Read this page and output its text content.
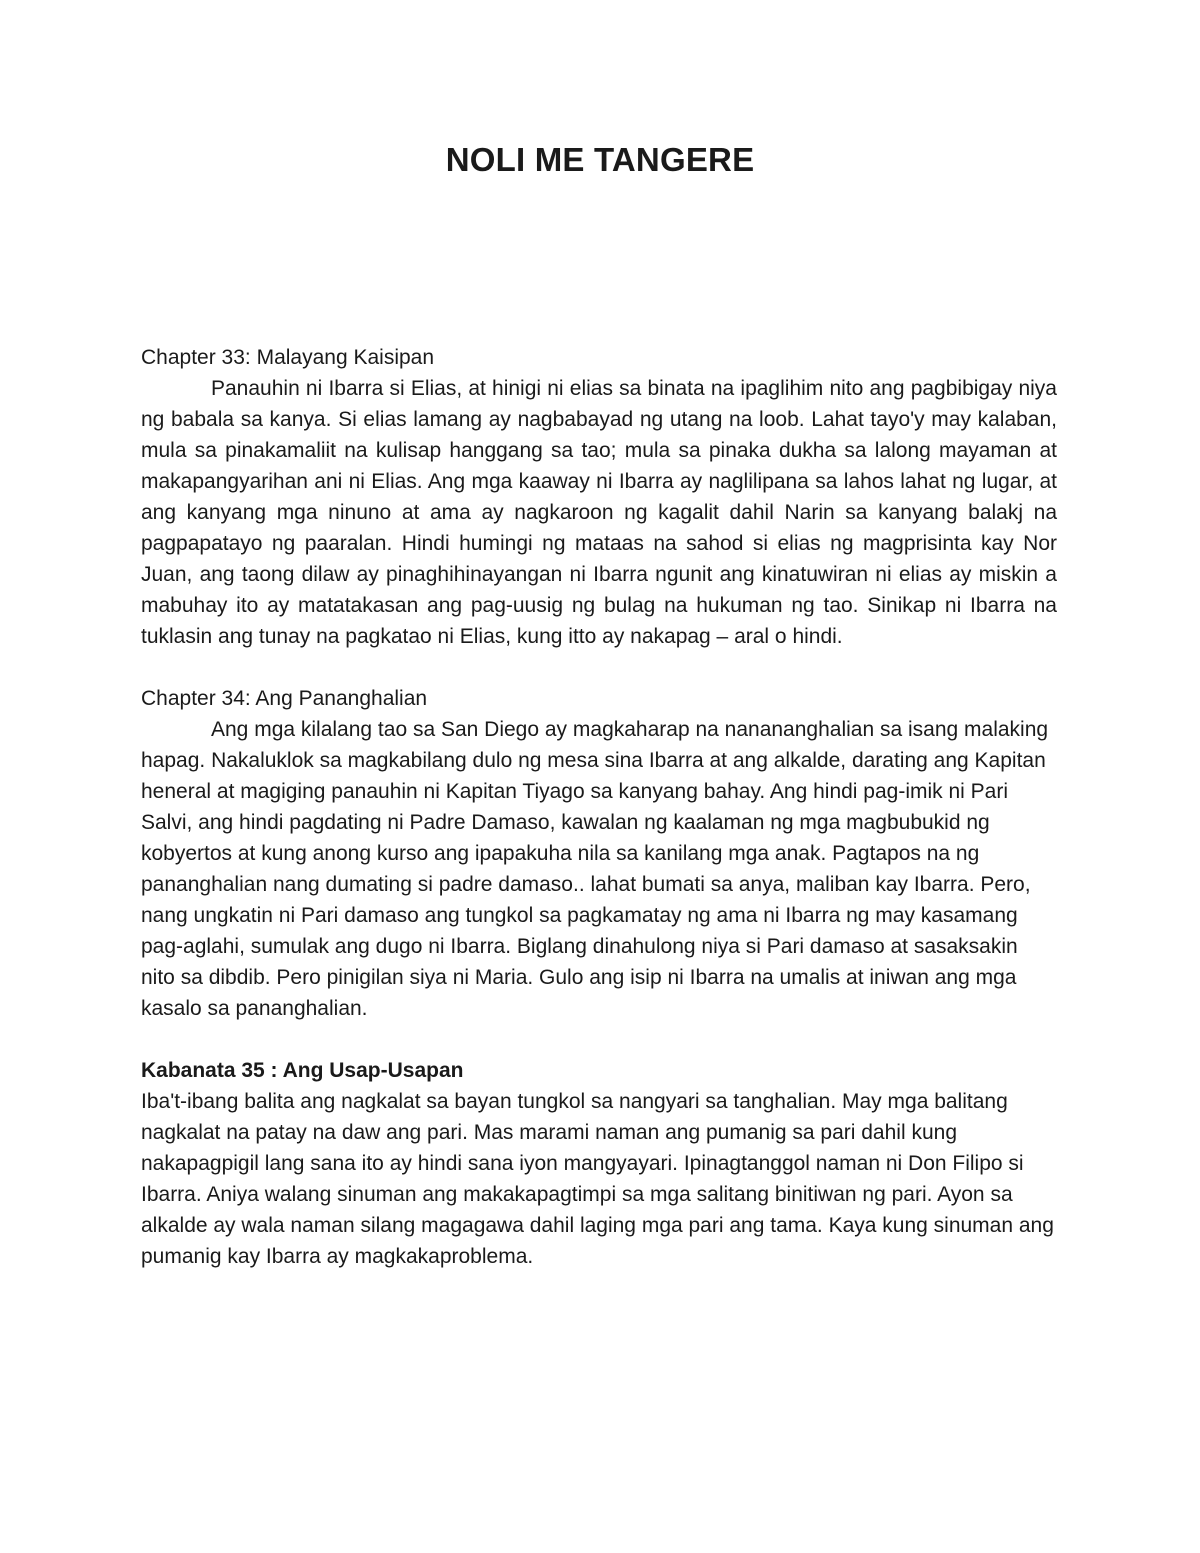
NOLI ME TANGERE
Chapter 33: Malayang Kaisipan

Panauhin ni Ibarra si Elias, at hinigi ni elias sa binata na ipaglihim nito ang pagbibigay niya ng babala sa kanya. Si elias lamang ay nagbabayad ng utang na loob. Lahat tayo'y may kalaban, mula sa pinakamaliit na kulisap hanggang sa tao; mula sa pinaka dukha sa lalong mayaman at makapangyarihan ani ni Elias. Ang mga kaaway ni Ibarra ay naglilipana sa lahos lahat ng lugar, at ang kanyang mga ninuno at ama ay nagkaroon ng kagalit dahil Narin sa kanyang balakj na pagpapatayo ng paaralan. Hindi humingi ng mataas na sahod si elias ng magprisinta kay Nor Juan, ang taong dilaw ay pinaghihinayangan ni Ibarra ngunit ang kinatuwiran ni elias ay miskin a mabuhay ito ay matatakasan ang pag-uusig ng bulag na hukuman ng tao. Sinikap ni Ibarra na tuklasin ang tunay na pagkatao ni Elias, kung itto ay nakapag – aral o hindi.

Chapter 34: Ang Pananghalian

Ang mga kilalang tao sa San Diego ay magkaharap na nanananghalian sa isang malaking hapag. Nakaluklok sa magkabilang dulo ng mesa sina Ibarra at ang alkalde, darating ang Kapitan heneral at magiging panauhin ni Kapitan Tiyago sa kanyang bahay. Ang hindi pag-imik ni Pari Salvi, ang hindi pagdating ni Padre Damaso, kawalan ng kaalaman ng mga magbubukid ng kobyertos at kung anong kurso ang ipapakuha nila sa kanilang mga anak. Pagtapos na ng pananghalian nang dumating si padre damaso.. lahat bumati sa anya, maliban kay Ibarra. Pero, nang ungkatin ni Pari damaso ang tungkol sa pagkamatay ng ama ni Ibarra ng may kasamang pag-aglahi, sumulak ang dugo ni Ibarra. Biglang dinahulong niya si Pari damaso at sasaksakin nito sa dibdib. Pero pinigilan siya ni Maria. Gulo ang isip ni Ibarra na umalis at iniwan ang mga kasalo sa pananghalian.

Kabanata 35 : Ang Usap-Usapan

Iba't-ibang balita ang nagkalat sa bayan tungkol sa nangyari sa tanghalian. May mga balitang nagkalat na patay na daw ang pari. Mas marami naman ang pumanig sa pari dahil kung nakapagpigil lang sana ito ay hindi sana iyon mangyayari. Ipinagtanggol naman ni Don Filipo si Ibarra. Aniya walang sinuman ang makakapagtimpi sa mga salitang binitiwan ng pari. Ayon sa alkalde ay wala naman silang magagawa dahil laging mga pari ang tama. Kaya kung sinuman ang pumanig kay Ibarra ay magkakaproblema.
